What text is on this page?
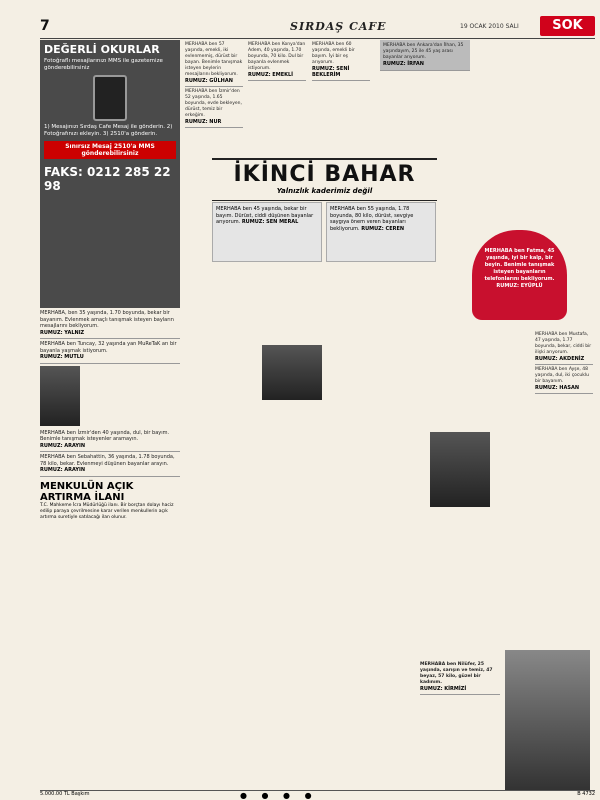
7	SIRDAŞ CAFE	19 OCAK 2010 SALI	SOK
DEĞERLİ OKURLAR

Fotoğraflı mesajlarınızı MMS ile gazetemize gönderebilirsiniz

1) Mesajınızı Sırdaş Cafe Mesaj ile gönderin. 2) Fotoğrafınızı ekleyin. 3) 2510'a gönderin.

Sınırsız Mesaj 2510'a MMS gönderebilirsiniz
FAKS: 0212 285 22 98
MERHABA, ben 35 yaşında, 1.70 boyunda, bekar bir bayanım. Evlenmek amaçlı tanışmak isteyen bayların mesajlarını bekliyorum.
RUMUZ: YALNIZ
MERHABA ben Tuncay, 32 yaşında yan MuReTaK arı bir bayanla yaşmak istiyorum.
RUMUZ: MUTLU
MERHABA ben İzmir'den 40 yaşında, dul, bir bayım. Benimle tanışmak isteyenler aramayın.
RUMUZ: ARAYIN
MERHABA ben Sebahattin, 36 yaşında, 1.78 boyunda, 78 kilo, bekar. Evlenmeyi düşünen bayanlar arayın.
RUMUZ: ARAYIN
MENKULÜN AÇIK ARTIRMA İLANI

T.C. Mahkeme İcra Müdürlüğü ilanı. Bir borçtan dolayı haciz edilip paraya çevrilmesine karar verilen menkullerin açık artırma suretiyle satılacağı ilan olunur.

MERHABA ben 57 yaşında, emekli, iki evlenmemiş, dürüst bir bayan. Benimle tanışmak isteyen beylerin mesajlarını bekliyorum.
RUMUZ: GÜLHAN
MERHABA ben İzmir'den 52 yaşında, 1.65 boyunda, evde bekleyen, dürüst, temiz bir erkeğim.
RUMUZ: NUR
MERHABA ben Konya'dan Adem, 40 yaşında, 1.70 boyunda, 70 kilo. Dul bir bayanla evlenmek istiyorum.
RUMUZ: EMEKLİ
MERHABA ben 60 yaşında, emekli bir bayım. İyi bir eş arıyorum.
RUMUZ: SENİ BEKLERİM
İKİNCİ BAHAR
Yalnızlık kaderimiz değil
MERHABA ben 45 yaşında, bekar bir bayım. Dürüst, ciddi düşünen bayanlar arıyorum. RUMUZ: SEN MERAL
MERHABA ben 55 yaşında, 1.78 boyunda, 80 kilo, dürüst, sevgiye saygıya önem veren bayanları bekliyorum. RUMUZ: CEREN
MERHABA ben Ankara'dan İlhan, 35 yaşındayım, 25 ile 45 yaş arası bayanlar arıyorum.
RUMUZ: İRFAN
MERHABA ben Fatma, 45 yaşında, iyi bir kalp, bir beyin. Benimle tanışmak isteyen bayanların telefonlarını bekliyorum. RUMUZ: EYÜPLÜ
MERHABA ben Nilüfer, 25 yaşında, sarışın ve temiz, 47 beyaz, 57 kilo, güzel bir kadınım.
RUMUZ: KİRMİZİ
MERHABA ben Mustafa, 47 yaşında, 1.77 boyunda, bekar, ciddi bir ilişki arıyorum.
RUMUZ: AKDENİZ
MERHABA ben Ayşe, 48 yaşında, dul, iki çocuklu bir bayanım.
RUMUZ: HASAN
5.000.00 TL Başkım	● ● ● ●	B 4732
